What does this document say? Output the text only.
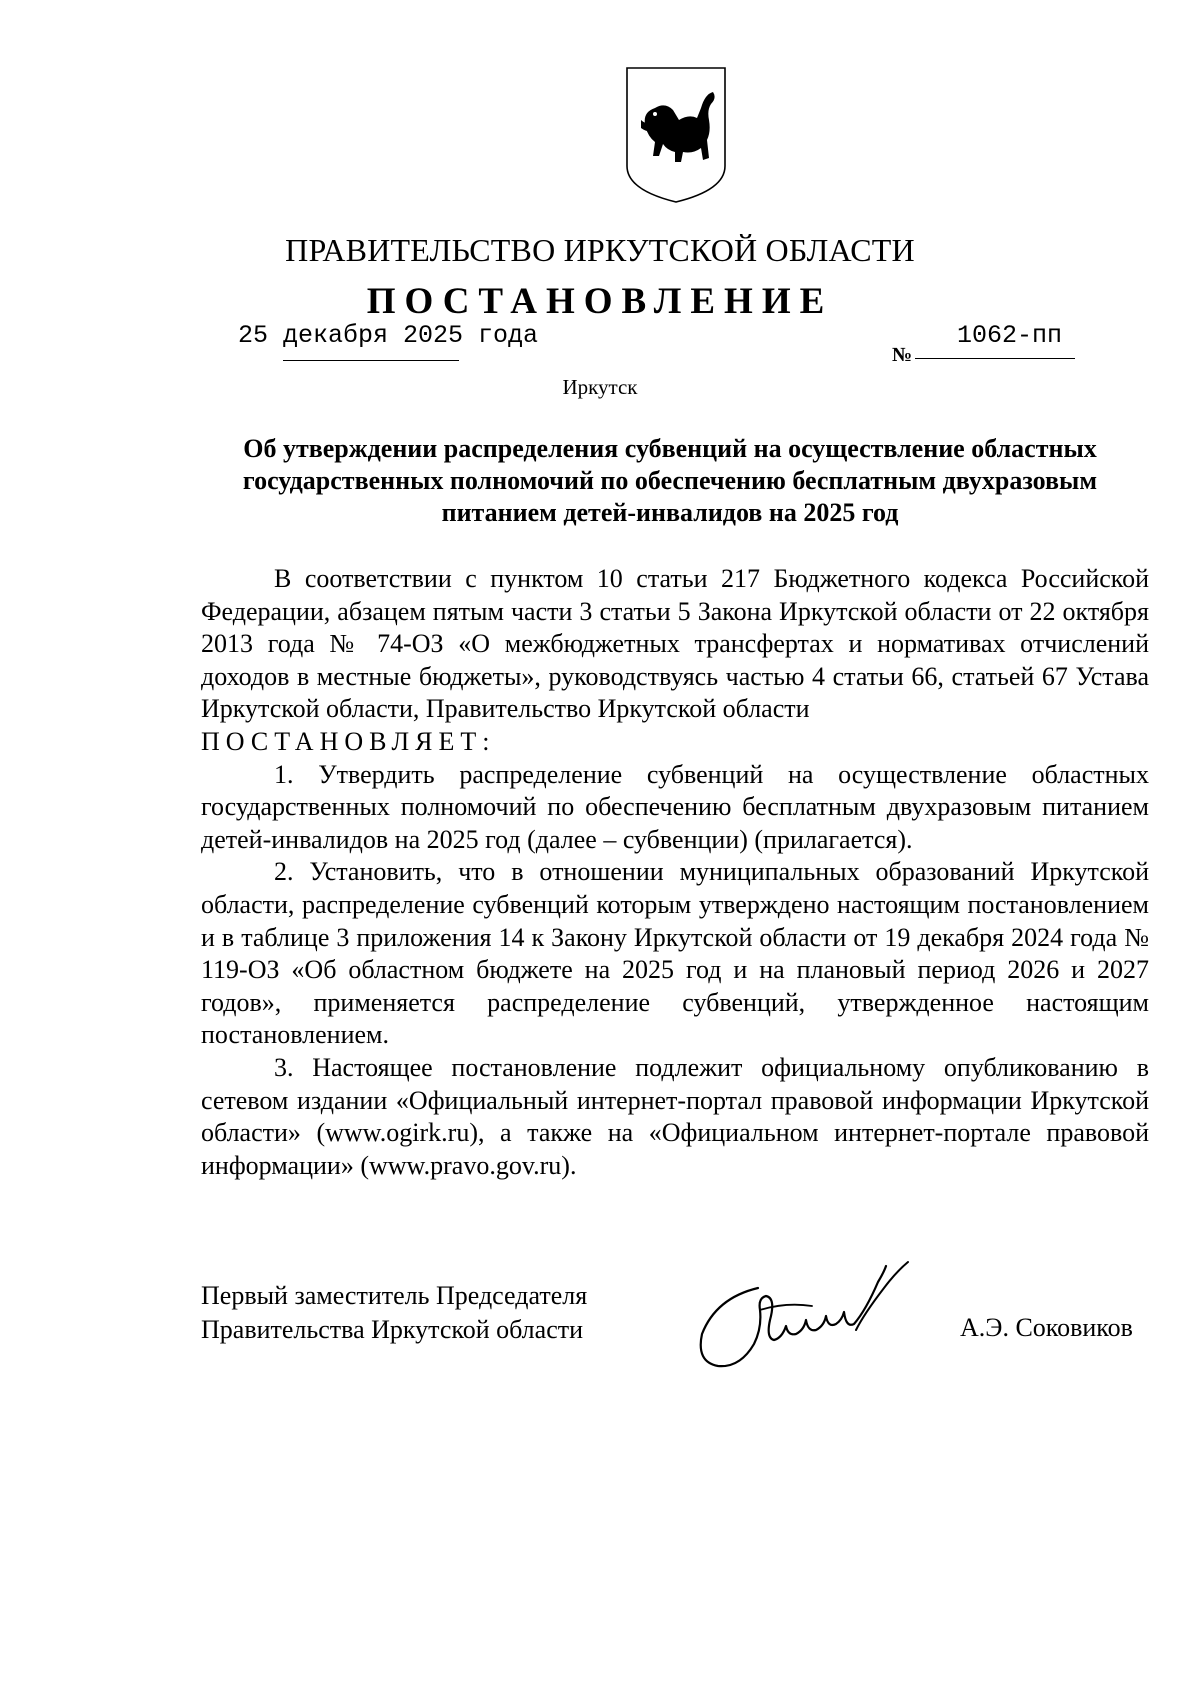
ПРАВИТЕЛЬСТВО ИРКУТСКОЙ ОБЛАСТИ
ПОСТАНОВЛЕНИЕ
25 декабря 2025 года
№
1062-пп
Иркутск
Об утверждении распределения субвенций на осуществление областных государственных полномочий по обеспечению бесплатным двухразовым питанием детей-инвалидов на 2025 год

В соответствии с пунктом 10 статьи 217 Бюджетного кодекса Российской Федерации, абзацем пятым части 3 статьи 5 Закона Иркутской области от 22 октября 2013 года № 74-ОЗ «О межбюджетных трансфертах и нормативах отчислений доходов в местные бюджеты», руководствуясь частью 4 статьи 66, статьей 67 Устава Иркутской области, Правительство Иркутской области

ПОСТАНОВЛЯЕТ:

1. Утвердить распределение субвенций на осуществление областных государственных полномочий по обеспечению бесплатным двухразовым питанием детей-инвалидов на 2025 год (далее – субвенции) (прилагается).

2. Установить, что в отношении муниципальных образований Иркутской области, распределение субвенций которым утверждено настоящим постановлением и в таблице 3 приложения 14 к Закону Иркутской области от 19 декабря 2024 года № 119-ОЗ «Об областном бюджете на 2025 год и на плановый период 2026 и 2027 годов», применяется распределение субвенций, утвержденное настоящим постановлением.

3. Настоящее постановление подлежит официальному опубликованию в сетевом издании «Официальный интернет-портал правовой информации Иркутской области» (www.ogirk.ru), а также на «Официальном интернет-портале правовой информации» (www.pravo.gov.ru).

Первый заместитель Председателя
Правительства Иркутской области	А.Э. Соковиков
